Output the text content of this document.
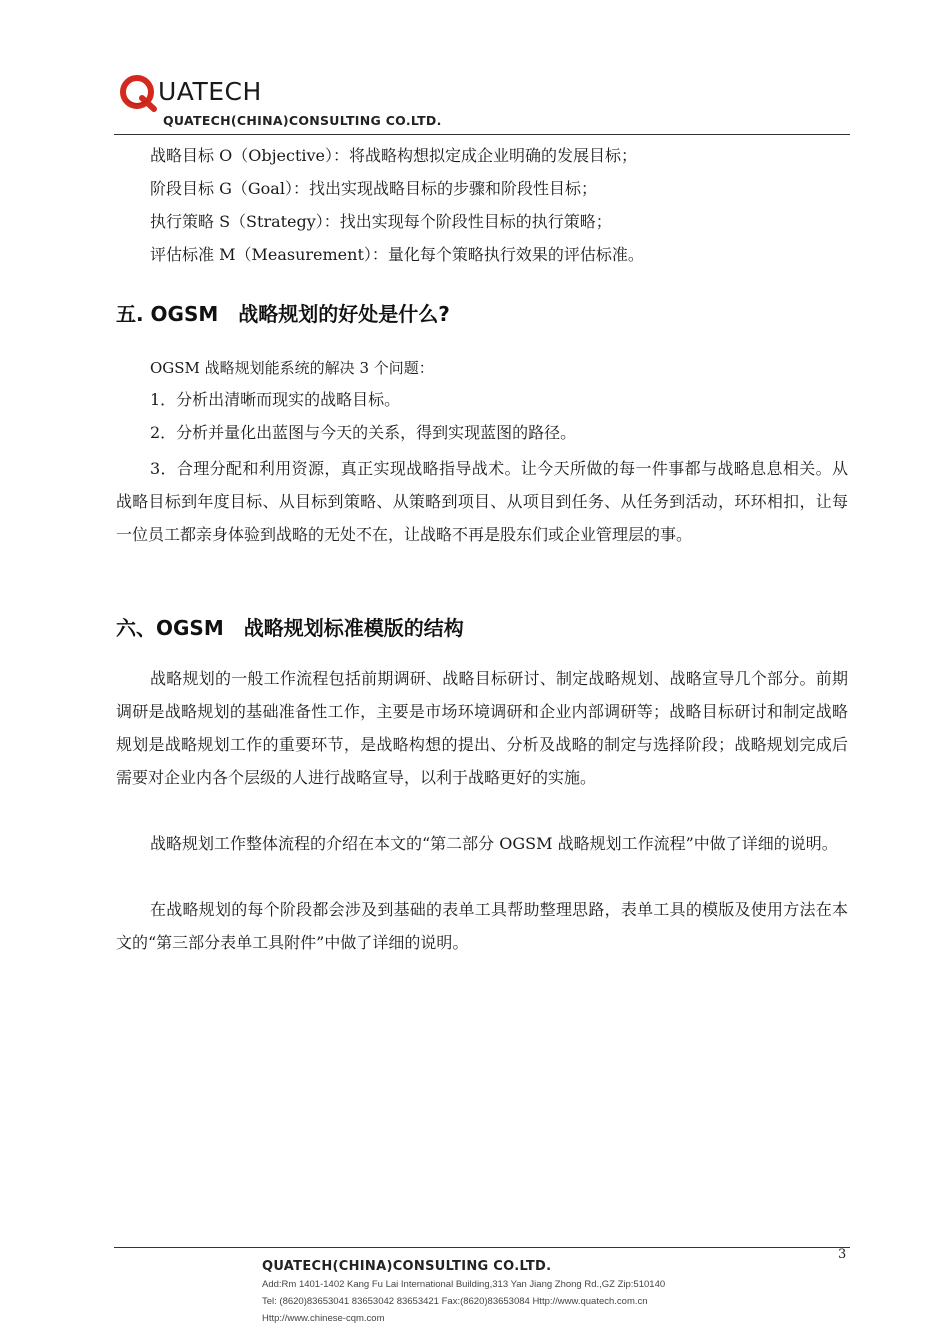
UATECH
QUATECH(CHINA)CONSULTING CO.LTD.
战略目标 O（Objective）：将战略构想拟定成企业明确的发展目标；
阶段目标 G（Goal）：找出实现战略目标的步骤和阶段性目标；
执行策略 S（Strategy）：找出实现每个阶段性目标的执行策略；
评估标准 M（Measurement）：量化每个策略执行效果的评估标准。
五. OGSM　战略规划的好处是什么?
OGSM 战略规划能系统的解决 3 个问题：
1．分析出清晰而现实的战略目标。
2．分析并量化出蓝图与今天的关系，得到实现蓝图的路径。
3．合理分配和利用资源，真正实现战略指导战术。让今天所做的每一件事都与战略息息相关。从战略目标到年度目标、从目标到策略、从策略到项目、从项目到任务、从任务到活动，环环相扣，让每一位员工都亲身体验到战略的无处不在，让战略不再是股东们或企业管理层的事。
六、OGSM　战略规划标准模版的结构
战略规划的一般工作流程包括前期调研、战略目标研讨、制定战略规划、战略宣导几个部分。前期调研是战略规划的基础准备性工作，主要是市场环境调研和企业内部调研等；战略目标研讨和制定战略规划是战略规划工作的重要环节，是战略构想的提出、分析及战略的制定与选择阶段；战略规划完成后需要对企业内各个层级的人进行战略宣导，以利于战略更好的实施。
战略规划工作整体流程的介绍在本文的“第二部分 OGSM 战略规划工作流程”中做了详细的说明。
在战略规划的每个阶段都会涉及到基础的表单工具帮助整理思路，表单工具的模版及使用方法在本文的“第三部分表单工具附件”中做了详细的说明。
3
QUATECH(CHINA)CONSULTING CO.LTD.
Add:Rm 1401-1402 Kang Fu Lai International Building,313 Yan Jiang Zhong Rd.,GZ Zip:510140
Tel: (8620)83653041 83653042 83653421 Fax:(8620)83653084 Http://www.quatech.com.cn
Http://www.chinese-cqm.com
